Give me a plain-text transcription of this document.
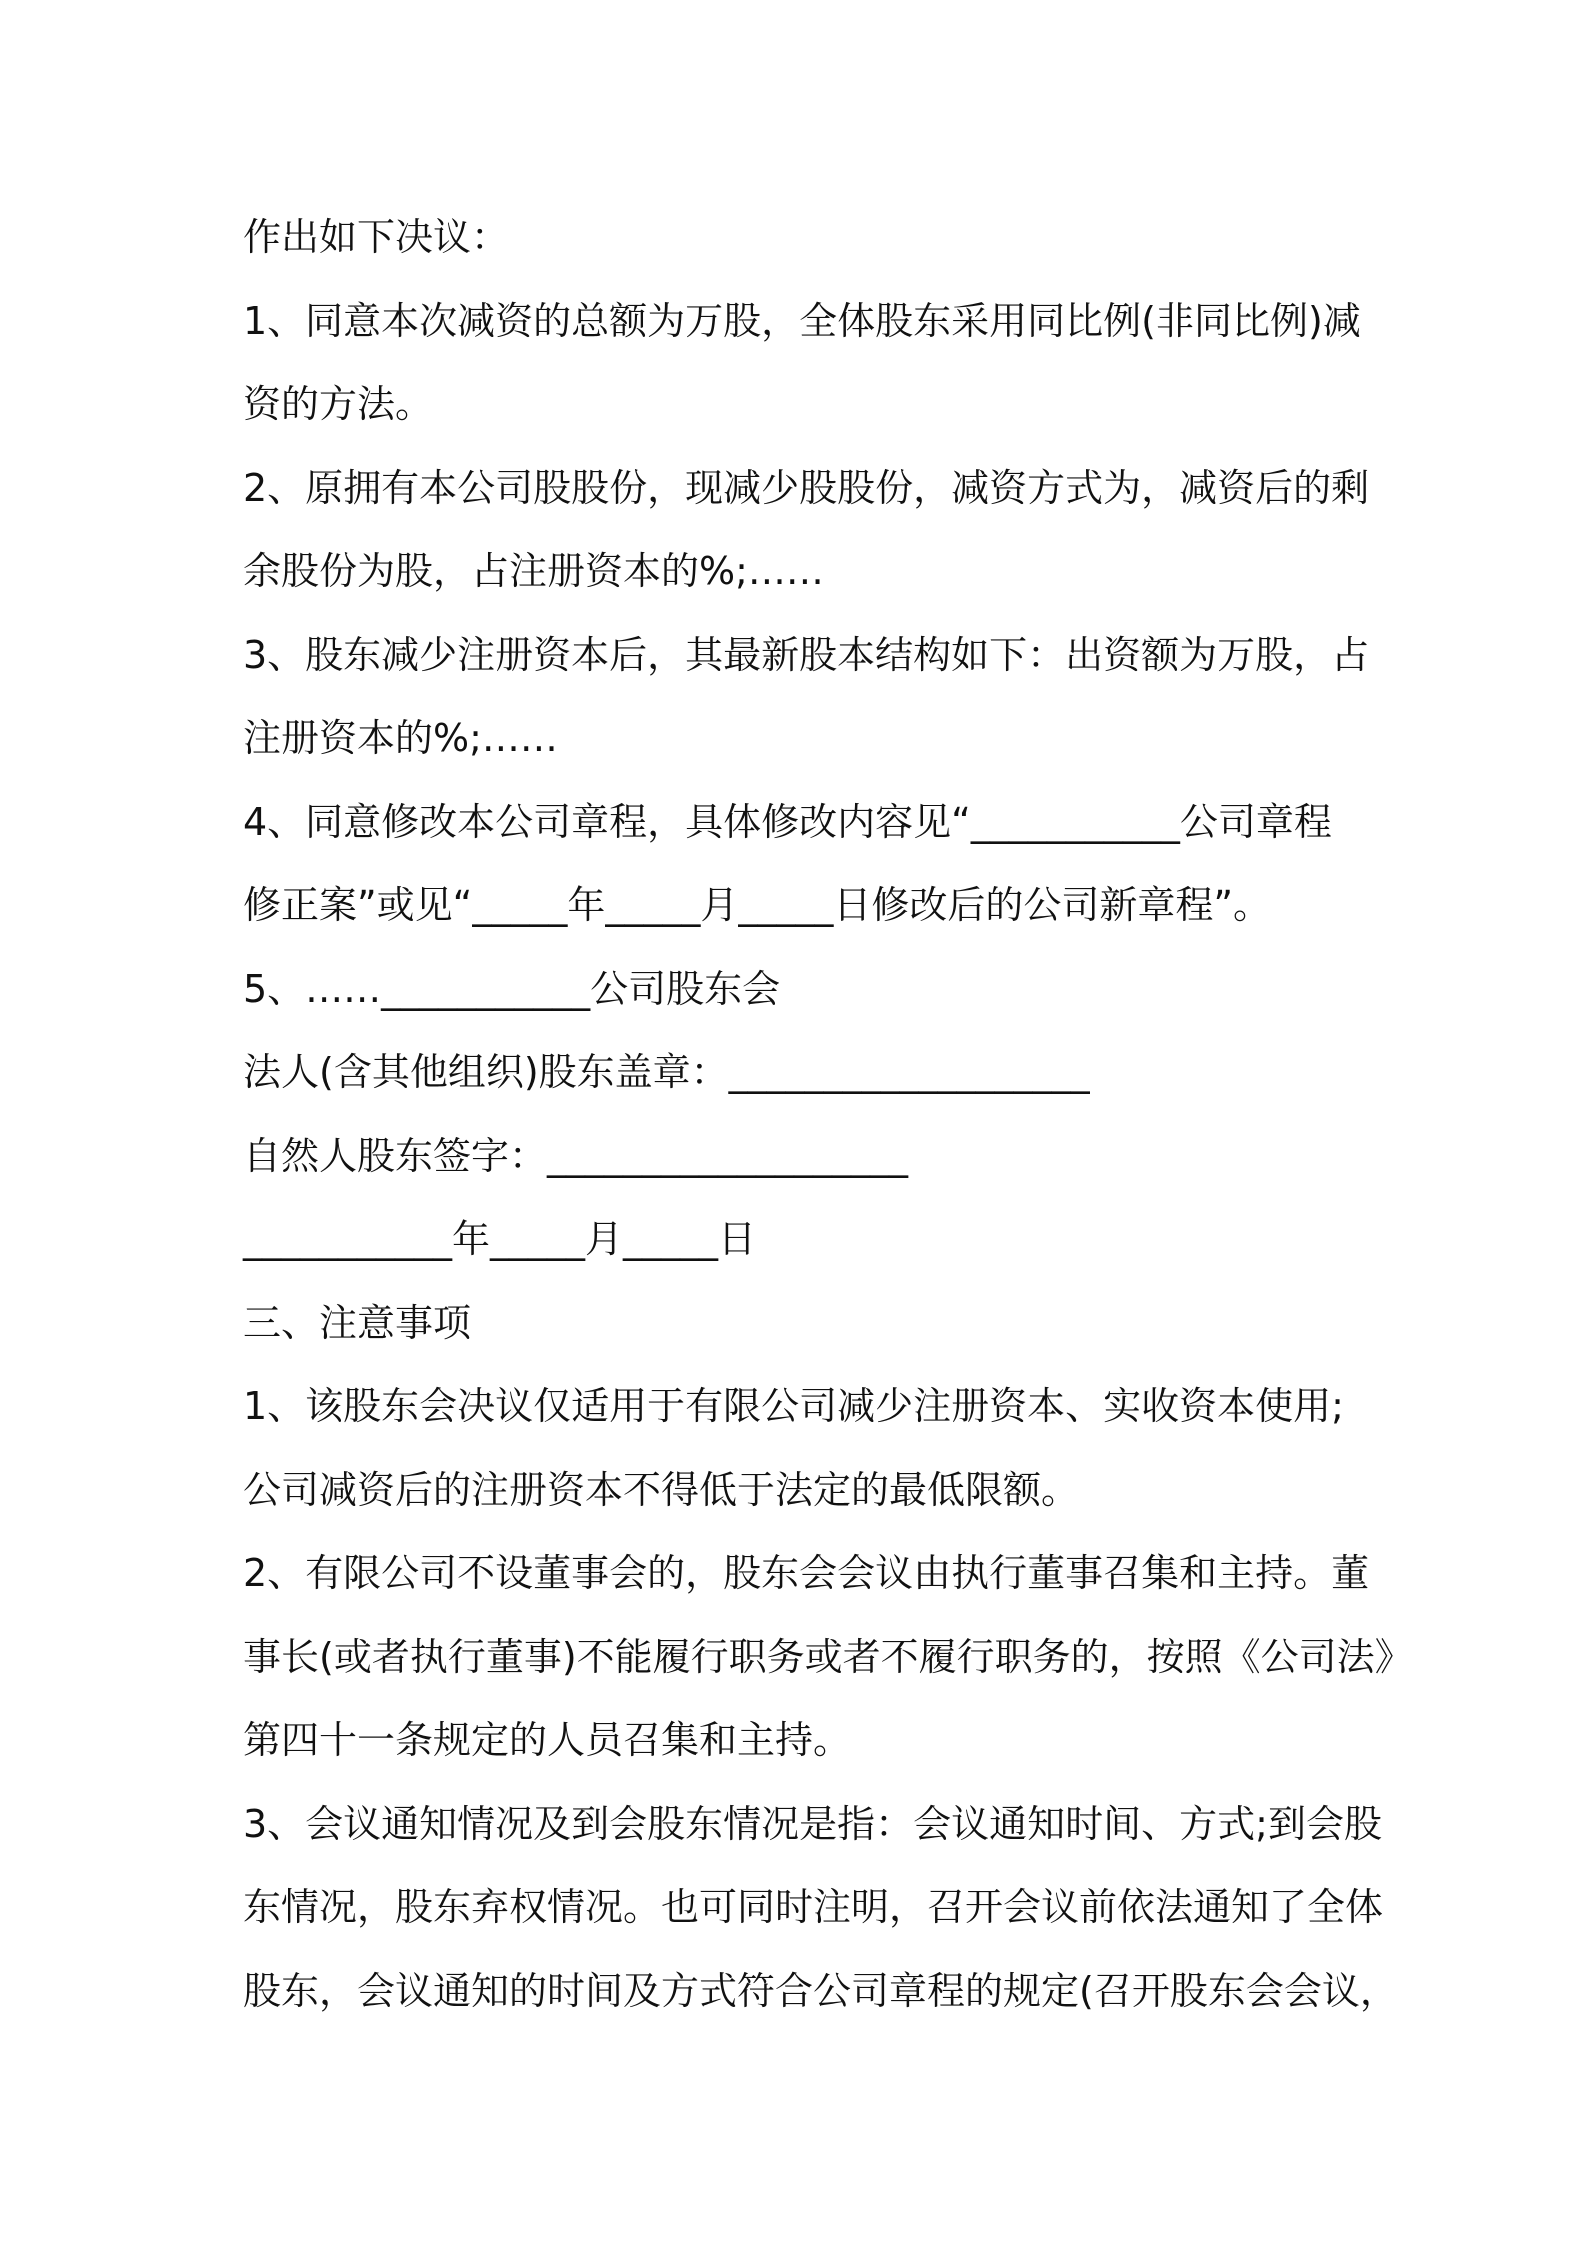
作出如下决议：
1、同意本次减资的总额为万股，全体股东采用同比例(非同比例)减
资的方法。
2、原拥有本公司股股份，现减少股股份，减资方式为，减资后的剩
余股份为股，占注册资本的%;……
3、股东减少注册资本后，其最新股本结构如下：出资额为万股，占
注册资本的%;……
4、同意修改本公司章程，具体修改内容见“___________公司章程
修正案”或见“_____年_____月_____日修改后的公司新章程”。
5、……___________公司股东会
法人(含其他组织)股东盖章：___________________
自然人股东签字：___________________
___________年_____月_____日
三、注意事项
1、该股东会决议仅适用于有限公司减少注册资本、实收资本使用;
公司减资后的注册资本不得低于法定的最低限额。
2、有限公司不设董事会的，股东会会议由执行董事召集和主持。董
事长(或者执行董事)不能履行职务或者不履行职务的，按照《公司法》
第四十一条规定的人员召集和主持。
3、会议通知情况及到会股东情况是指：会议通知时间、方式;到会股
东情况，股东弃权情况。也可同时注明，召开会议前依法通知了全体
股东，会议通知的时间及方式符合公司章程的规定(召开股东会会议，
